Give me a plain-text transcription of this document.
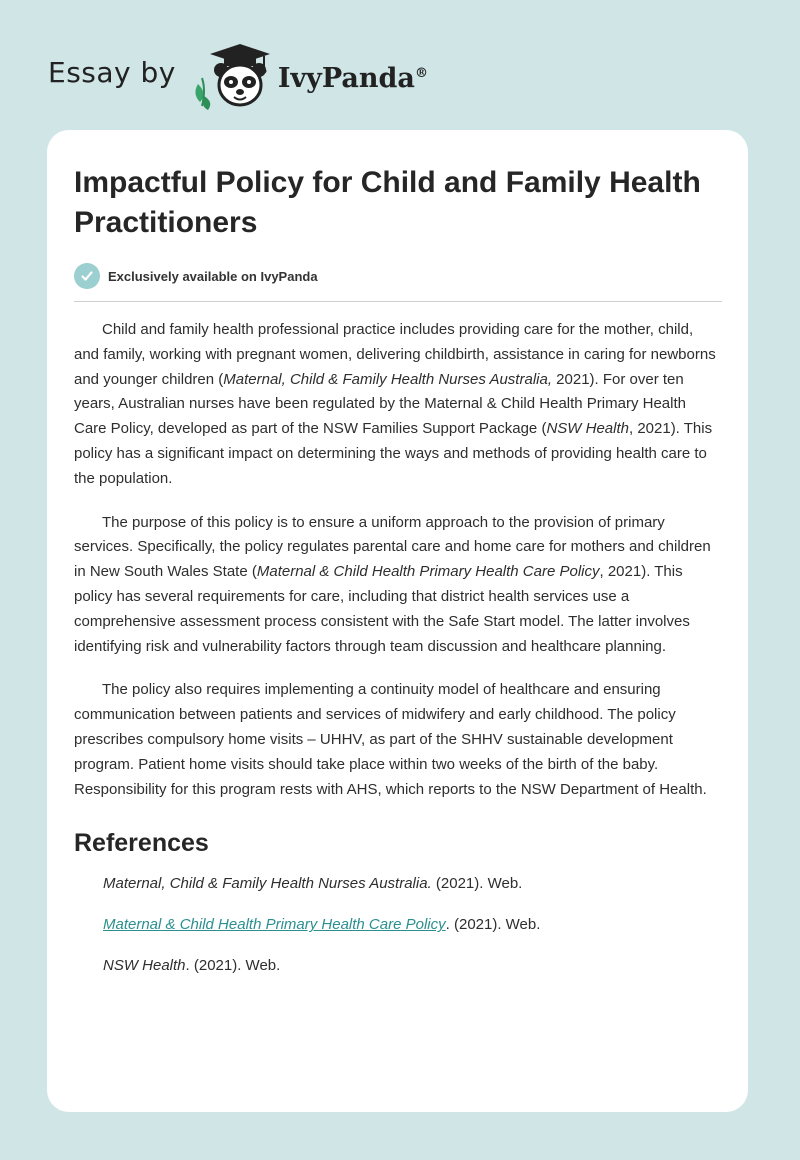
Essay by	IvyPanda®
Impactful Policy for Child and Family Health Practitioners
Exclusively available on IvyPanda

Child and family health professional practice includes providing care for the mother, child, and family, working with pregnant women, delivering childbirth, assistance in caring for newborns and younger children (Maternal, Child & Family Health Nurses Australia, 2021). For over ten years, Australian nurses have been regulated by the Maternal & Child Health Primary Health Care Policy, developed as part of the NSW Families Support Package (NSW Health, 2021). This policy has a significant impact on determining the ways and methods of providing health care to the population.

The purpose of this policy is to ensure a uniform approach to the provision of primary services. Specifically, the policy regulates parental care and home care for mothers and children in New South Wales State (Maternal & Child Health Primary Health Care Policy, 2021). This policy has several requirements for care, including that district health services use a comprehensive assessment process consistent with the Safe Start model. The latter involves identifying risk and vulnerability factors through team discussion and healthcare planning.

The policy also requires implementing a continuity model of healthcare and ensuring communication between patients and services of midwifery and early childhood. The policy prescribes compulsory home visits – UHHV, as part of the SHHV sustainable development program. Patient home visits should take place within two weeks of the birth of the baby. Responsibility for this program rests with AHS, which reports to the NSW Department of Health.

References

Maternal, Child & Family Health Nurses Australia. (2021). Web.

Maternal & Child Health Primary Health Care Policy. (2021). Web.

NSW Health. (2021). Web.
